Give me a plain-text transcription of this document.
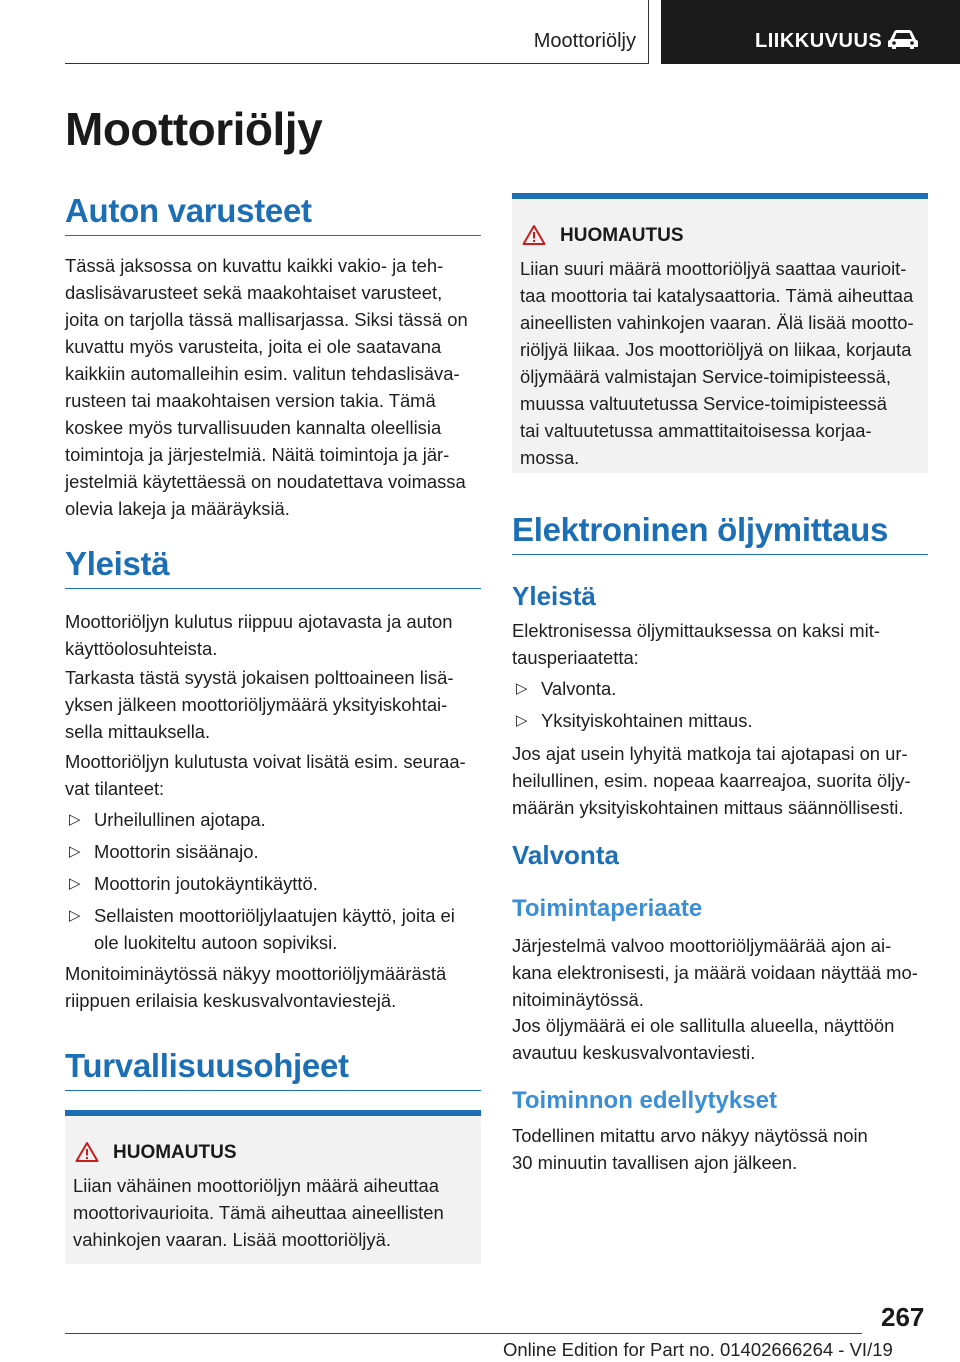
Moottoriöljy	LIIKKUVUUS
Moottoriöljy
Auton varusteet
Tässä jaksossa on kuvattu kaikki vakio- ja teh-
daslisävarusteet sekä maakohtaiset varusteet,
joita on tarjolla tässä mallisarjassa. Siksi tässä on
kuvattu myös varusteita, joita ei ole saatavana
kaikkiin automalleihin esim. valitun tehdaslisäva-
rusteen tai maakohtaisen version takia. Tämä
koskee myös turvallisuuden kannalta oleellisia
toimintoja ja järjestelmiä. Näitä toimintoja ja jär-
jestelmiä käytettäessä on noudatettava voimassa
olevia lakeja ja määräyksiä.
Yleistä
Moottoriöljyn kulutus riippuu ajotavasta ja auton
käyttöolosuhteista.
Tarkasta tästä syystä jokaisen polttoaineen lisä-
yksen jälkeen moottoriöljymäärä yksityiskohtai-
sella mittauksella.
Moottoriöljyn kulutusta voivat lisätä esim. seuraa-
vat tilanteet:
▷ Urheilullinen ajotapa.
▷ Moottorin sisäänajo.
▷ Moottorin joutokäyntikäyttö.
▷ Sellaisten moottoriöljylaatujen käyttö, joita ei
ole luokiteltu autoon sopiviksi.
Monitoiminäytössä näkyy moottoriöljymäärästä
riippuen erilaisia keskusvalvontaviestejä.
Turvallisuusohjeet
HUOMAUTUS
Liian vähäinen moottoriöljyn määrä aiheuttaa
moottorivaurioita. Tämä aiheuttaa aineellisten
vahinkojen vaaran. Lisää moottoriöljyä.
HUOMAUTUS
Liian suuri määrä moottoriöljyä saattaa vaurioit-
taa moottoria tai katalysaattoria. Tämä aiheuttaa
aineellisten vahinkojen vaaran. Älä lisää mootto-
riöljyä liikaa. Jos moottoriöljyä on liikaa, korjauta
öljymäärä valmistajan Service-toimipisteessä,
muussa valtuutetussa Service-toimipisteessä
tai valtuutetussa ammattitaitoisessa korjaa-
mossa.
Elektroninen öljymittaus
Yleistä
Elektronisessa öljymittauksessa on kaksi mit-
tausperiaatetta:
▷ Valvonta.
▷ Yksityiskohtainen mittaus.
Jos ajat usein lyhyitä matkoja tai ajotapasi on ur-
heilullinen, esim. nopeaa kaarreajoa, suorita öljy-
määrän yksityiskohtainen mittaus säännöllisesti.
Valvonta
Toimintaperiaate
Järjestelmä valvoo moottoriöljymäärää ajon ai-
kana elektronisesti, ja määrä voidaan näyttää mo-
nitoiminäytössä.
Jos öljymäärä ei ole sallitulla alueella, näyttöön
avautuu keskusvalvontaviesti.
Toiminnon edellytykset
Todellinen mitattu arvo näkyy näytössä noin
30 minuutin tavallisen ajon jälkeen.
267
Online Edition for Part no. 01402666264 - VI/19
